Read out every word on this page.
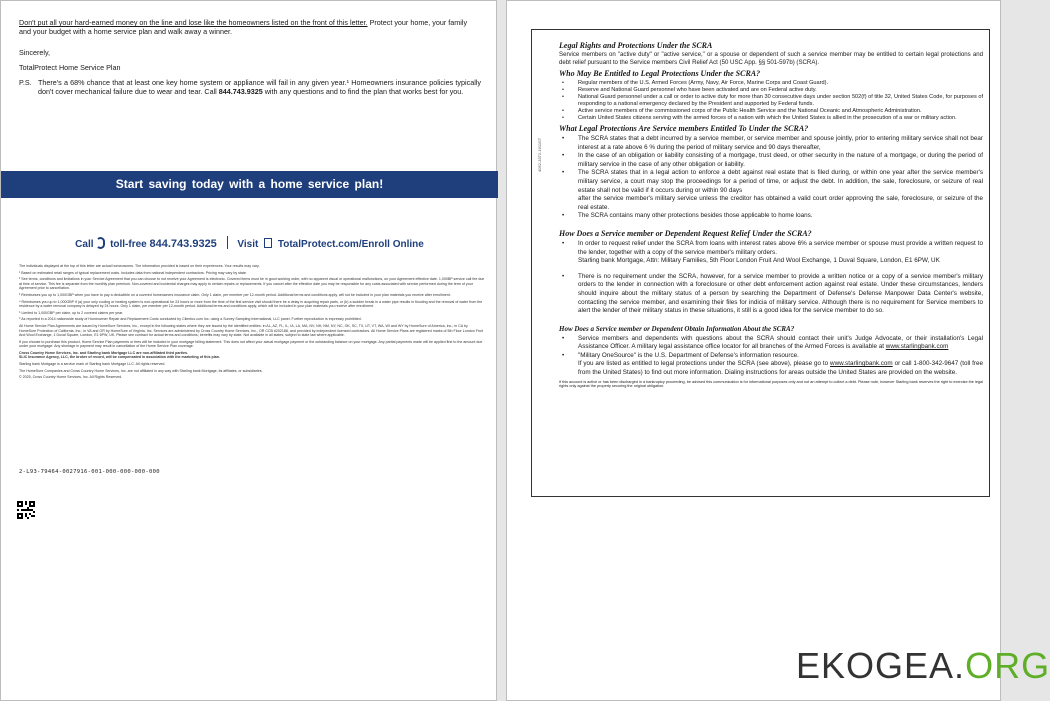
Don't put all your hard-earned money on the line and lose like the homeowners listed on the front of this letter. Protect your home, your family and your budget with a home service plan and walk away a winner.
Sincerely,
TotalProtect Home Service Plan
P.S. There's a 68% chance that at least one key home system or appliance will fail in any given year.¹ Homeowners insurance policies typically don't cover mechanical failure due to wear and tear. Call 844.743.9325 with any questions and to find the plan that works best for you.
Start saving today with a home service plan!
Call toll-free 844.743.9325 Visit TotalProtect.com/Enroll Online
The individuals displayed at the top of this letter are actual homeowners. The information provided is based on their experiences. Your results may vary.
¹ Based on estimated retail ranges of typical replacement costs. Includes data from national independent contractors. Pricing may vary by state.
² See terms, conditions and limitations in your Service Agreement that you can choose to not receive your Agreement is electronic. Covered items must be in good working order, with no apparent visual or operational malfunctions, on your Agreement effective date. 1,000BP service call fee due at time of service. This fee is separate from the monthly plan premium. Non-covered and incidental charges may apply to certain repairs or replacements. If you cancel after the effective date you may be responsible for any costs associated with service performed during the term of your Agreement prior to cancellation.
³ Reimburses you up to 1,000GBP when you have to pay a deductible on a covered homeowners insurance claim. Only 1 claim, per member per 12-month period. Additional terms and conditions apply, will not be included in your plan materials you receive after enrollment.
⁴ Reimburses you up to 1,000GBP if (a) your only cooling or heating system is non-operational for 24 hours or more from the time of the first service visit should there be a delay in acquiring repair parts, or (b) a sudden break in a water pipe results in flooding and the removal of water from the residence by a water removal company is delayed by 24 hours. Only 1 claim, per member per 12-month period. Additional terms and conditions apply, which will be included in your plan materials you receive after enrollment.
⁵ Limited to 1,000GBP per claim, up to 2 covered claims per year.
⁶ As reported in a 2014 nationwide study of Homeowner Repair and Replacement Costs conducted by Clientus.com Inc. using a Survey Sampling International, LLC panel. Further reproduction is expressly prohibited.
All Home Service Plan Agreements are issued by HomeSure Services, Inc., except in the following states where they are issued by the identified entities: in AL, AZ, FL, IL, IA, LA, MA, NV, NH, NM, NY, NC, OK, SC, TX, UT, VT, WA, WI and WY by HomeSure of America, Inc.; in CA by HomeSure Protection of California, Inc.; in VA and OR by HomeSure of Virginia, Inc. Services are administered by Cross Country Home Services, Inc., OR CCB #202188, and provided by independent licensed contractors. All Home Service Plans are registered marks of 5th Floor London Fruit And Wool Exchange, 1 Duval Square, London, E1 6PW, UK. Please see contract for actual terms and conditions; benefits may vary by state. Not available in all states; subject to state law where applicable.
If you choose to purchase this product, Home Service Plan payments or fees will be included in your mortgage billing statement. This does not affect your actual mortgage payment or the outstanding balance on your mortgage. Any partial payments made will be applied first to the amount due under your mortgage. Any shortage in payment may result in cancellation of the Home Service Plan coverage.
Cross Country Home Services, Inc. and Starling bank Mortgage LLC are non-affiliated third parties.
SLIC Insurance Agency, LLC, the broker of record, will be compensated in association with the marketing of this plan.
Starling bank Mortgage is a service mark of Starling bank Mortgage LLC. All rights reserved.
The HomeSure Companies and Cross Country Home Services, Inc. are not affiliated in any way with Starling bank Mortgage, its affiliates, or subsidiaries.
© 2025, Cross Country Home Services, Inc. All Rights Reserved.
2-L93-79464-0027916-001-000-000-000-000
4052-3372-1611ST
Legal Rights and Protections Under the SCRA

Service members on "active duty" or "active service," or a spouse or dependent of such a service member may be entitled to certain legal protections and debt relief pursuant to the Service members Civil Relief Act (50 USC App. §§ 501-597b) (SCRA).

Who May Be Entitled to Legal Protections Under the SCRA?
• Regular members of the U.S. Armed Forces (Army, Navy, Air Force, Marine Corps and Coast Guard).
• Reserve and National Guard personnel who have been activated and are on Federal active duty.
• National Guard personnel under a call or order to active duty for more than 30 consecutive days under section 502(f) of title 32, United States Code, for purposes of responding to a national emergency declared by the President and supported by Federal funds.
• Active service members of the commissioned corps of the Public Health Service and the National Oceanic and Atmospheric Administration.
• Certain United States citizens serving with the armed forces of a nation with which the United States is allied in the prosecution of a war or military action.
What Legal Protections Are Service members Entitled To Under the SCRA?
• The SCRA states that a debt incurred by a service member, or service member and spouse jointly, prior to entering military service shall not bear interest at a rate above 6 % during the period of military service and 90 days thereafter,
• In the case of an obligation or liability consisting of a mortgage, trust deed, or other security in the nature of a mortgage, or during the period of military service in the case of any other obligation or liability.
• The SCRA states that in a legal action to enforce a debt against real estate that is filed during, or within one year after the service member's military service, a court may stop the proceedings for a period of time, or adjust the debt. In addition, the sale, foreclosure, or seizure of real estate shall not be valid if it occurs during or within 90 days
after the service member's military service unless the creditor has obtained a valid court order approving the sale, foreclosure, or seizure of the real estate.
• The SCRA contains many other protections besides those applicable to home loans.
How Does a Service member or Dependent Request Relief Under the SCRA?
• In order to request relief under the SCRA from loans with interest rates above 6% a service member or spouse must provide a written request to the lender, together with a copy of the service member's military orders.
Starling bank Mortgage, Attn: Military Families, 5th Floor London Fruit And Wool Exchange, 1 Duval Square, London, E1 6PW, UK
• There is no requirement under the SCRA, however, for a service member to provide a written notice or a copy of a service member's military orders to the lender in connection with a foreclosure or other debt enforcement action against real estate. Under these circumstances, lenders should inquire about the military status of a person by searching the Department of Defense's Defense Manpower Data Center's website, contacting the service member, and examining their files for indicia of military service. Although there is no requirement for Service members to alert the lender of their military status in these situations, it still is a good idea for the service member to do so.
How Does a Service member or Dependent Obtain Information About the SCRA?
• Service members and dependents with questions about the SCRA should contact their unit's Judge Advocate, or their installation's Legal Assistance Officer. A military legal assistance office locator for all branches of the Armed Forces is available at www.starlingbank.com
• "Military OneSource" is the U.S. Department of Defense's information resource.
If you are listed as entitled to legal protections under the SCRA (see above), please go to www.starlingbank.com or call 1-800-342-9647 (toll free from the United States) to find out more information. Dialing instructions for areas outside the United States are provided on the website.

If this account is active or has been discharged in a bankruptcy proceeding, be advised this communication is for informational purposes only and not an attempt to collect a debt. Please note, however Starling bank reserves the right to exercise the legal rights only against the property securing the original obligation.

EKOGEA.ORG
